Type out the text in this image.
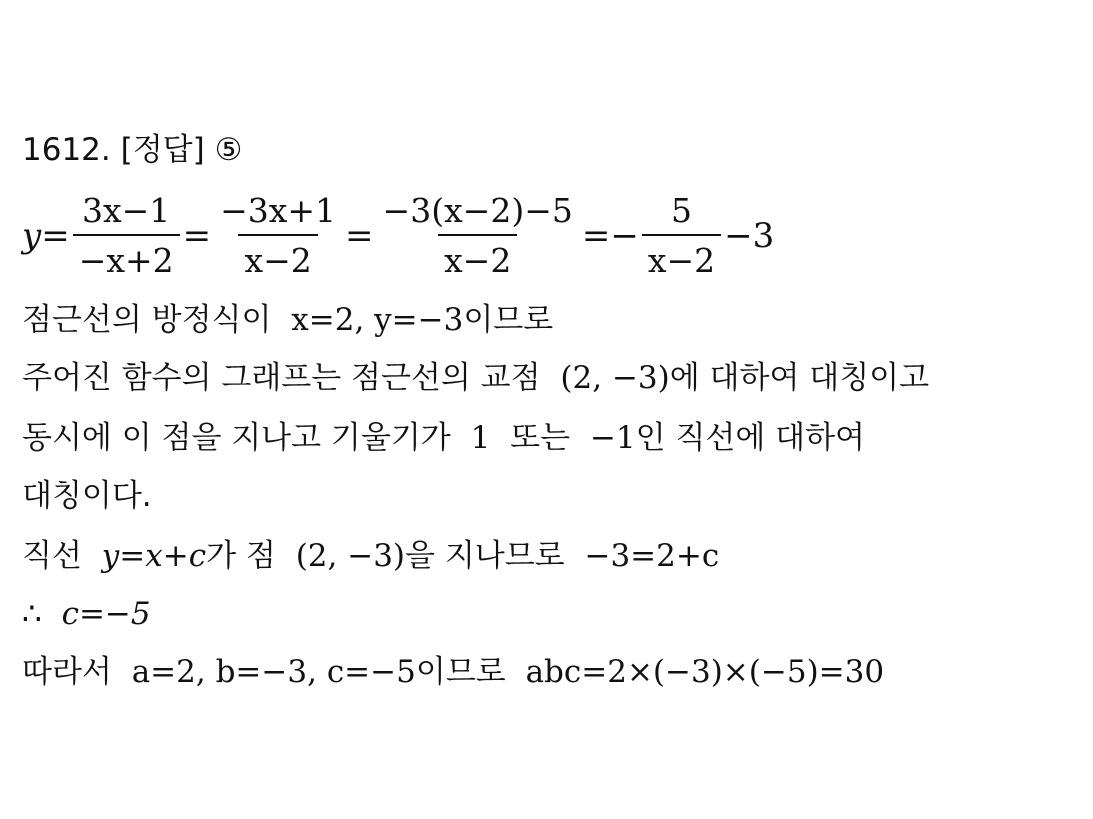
1612. [정답] ⑤
$y = \frac{3x-1}{-x+2} = \frac{-3x+1}{x-2} = \frac{-3(x-2)-5}{x-2}$ = − $\frac{5}{x-2} -3$
점근선의 방정식이 x=2, y=−3이므로
주어진 함수의 그래프는 점근선의 교점 (2, −3)에 대하여 대칭이고
동시에 이 점을 지나고 기울기가 1 또는 −1인 직선에 대하여
대칭이다.
직선 y=x+c가 점 (2, −3)을 지나므로 −3=2+c
∴ c=−5
따라서 a=2, b=−3, c=−5이므로 abc=2×(−3)×(−5)=30
